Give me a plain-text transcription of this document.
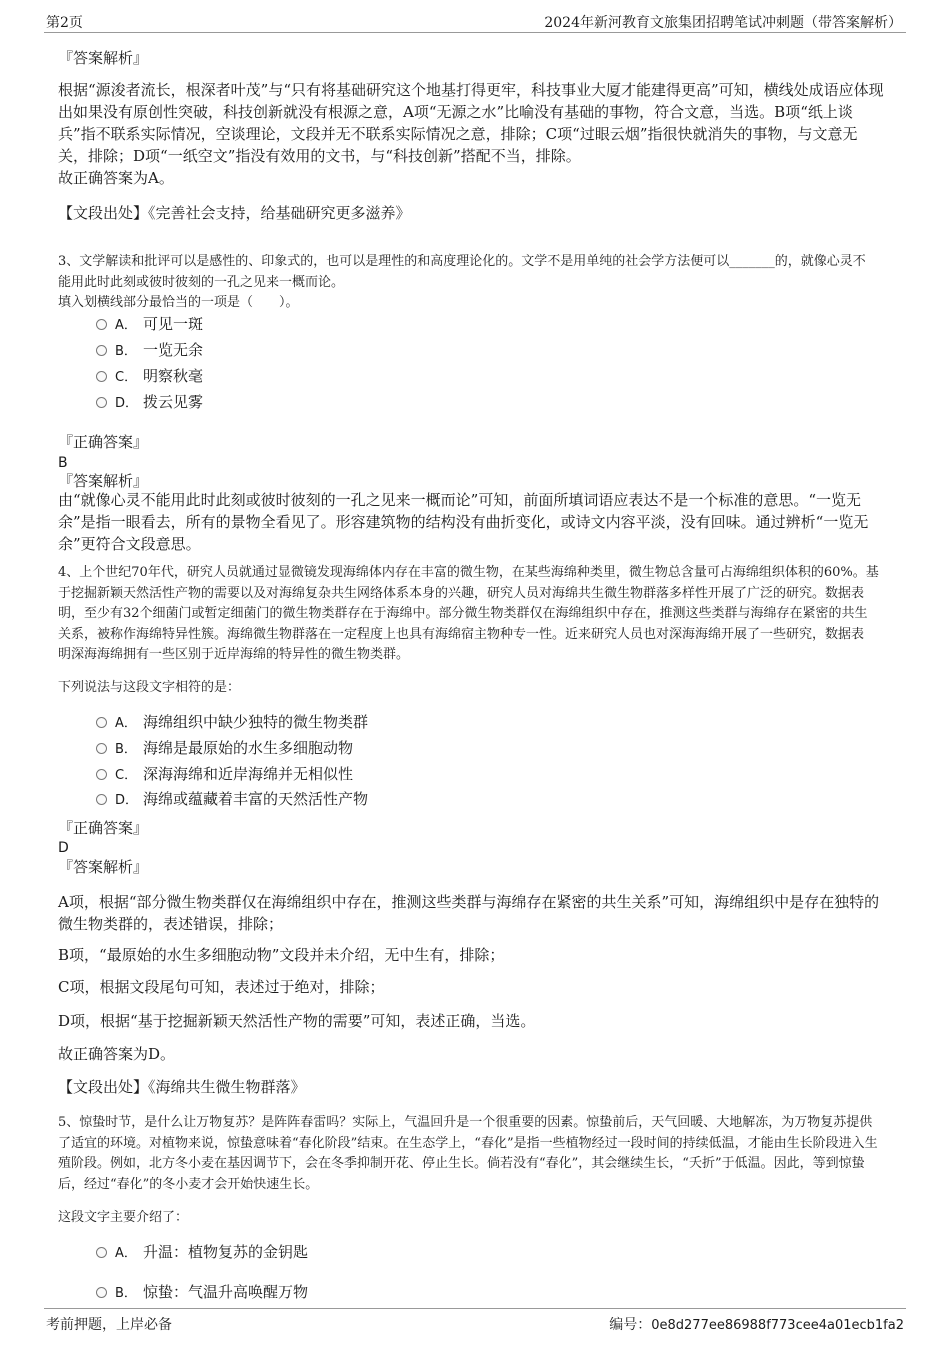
第2页	2024年新河教育文旅集团招聘笔试冲刺题（带答案解析）
『答案解析』
根据“源浚者流长，根深者叶茂”与“只有将基础研究这个地基打得更牢，科技事业大厦才能建得更高”可知，横线处成语应体现
出如果没有原创性突破，科技创新就没有根源之意，A项“无源之水”比喻没有基础的事物，符合文意，当选。B项“纸上谈
兵”指不联系实际情况，空谈理论，文段并无不联系实际情况之意，排除；C项“过眼云烟”指很快就消失的事物，与文意无
关，排除；D项“一纸空文”指没有效用的文书，与“科技创新”搭配不当，排除。
故正确答案为A。
【文段出处】《完善社会支持，给基础研究更多滋养》
3、文学解读和批评可以是感性的、印象式的，也可以是理性的和高度理论化的。文学不是用单纯的社会学方法便可以_______的，就像心灵不
能用此时此刻或彼时彼刻的一孔之见来一概而论。
填入划横线部分最恰当的一项是（　　）。
A． 可见一斑
B． 一览无余
C． 明察秋毫
D． 拨云见雾
『正确答案』
B
『答案解析』
由“就像心灵不能用此时此刻或彼时彼刻的一孔之见来一概而论”可知，前面所填词语应表达不是一个标准的意思。“一览无
余”是指一眼看去，所有的景物全看见了。形容建筑物的结构没有曲折变化，或诗文内容平淡，没有回味。通过辨析“一览无
余”更符合文段意思。
4、上个世纪70年代，研究人员就通过显微镜发现海绵体内存在丰富的微生物，在某些海绵种类里，微生物总含量可占海绵组织体积的60%。基
于挖掘新颖天然活性产物的需要以及对海绵复杂共生网络体系本身的兴趣，研究人员对海绵共生微生物群落多样性开展了广泛的研究。数据表
明，至少有32个细菌门或暂定细菌门的微生物类群存在于海绵中。部分微生物类群仅在海绵组织中存在，推测这些类群与海绵存在紧密的共生
关系，被称作海绵特异性簇。海绵微生物群落在一定程度上也具有海绵宿主物种专一性。近来研究人员也对深海海绵开展了一些研究，数据表
明深海海绵拥有一些区别于近岸海绵的特异性的微生物类群。
下列说法与这段文字相符的是：
A． 海绵组织中缺少独特的微生物类群
B． 海绵是最原始的水生多细胞动物
C． 深海海绵和近岸海绵并无相似性
D． 海绵或蕴藏着丰富的天然活性产物
『正确答案』
D
『答案解析』
A项，根据“部分微生物类群仅在海绵组织中存在，推测这些类群与海绵存在紧密的共生关系”可知，海绵组织中是存在独特的
微生物类群的，表述错误，排除；
B项，“最原始的水生多细胞动物”文段并未介绍，无中生有，排除；
C项，根据文段尾句可知，表述过于绝对，排除；
D项，根据“基于挖掘新颖天然活性产物的需要”可知，表述正确，当选。
故正确答案为D。
【文段出处】《海绵共生微生物群落》
5、惊蛰时节，是什么让万物复苏？是阵阵春雷吗？实际上，气温回升是一个很重要的因素。惊蛰前后，天气回暖、大地解冻，为万物复苏提供
了适宜的环境。对植物来说，惊蛰意味着“春化阶段”结束。在生态学上，“春化”是指一些植物经过一段时间的持续低温，才能由生长阶段进入生
殖阶段。例如，北方冬小麦在基因调节下，会在冬季抑制开花、停止生长。倘若没有“春化”，其会继续生长，“夭折”于低温。因此，等到惊蛰
后，经过“春化”的冬小麦才会开始快速生长。
这段文字主要介绍了：
A． 升温：植物复苏的金钥匙
B． 惊蛰：气温升高唤醒万物
考前押题，上岸必备	编号：0e8d277ee86988f773cee4a01ecb1fa2
